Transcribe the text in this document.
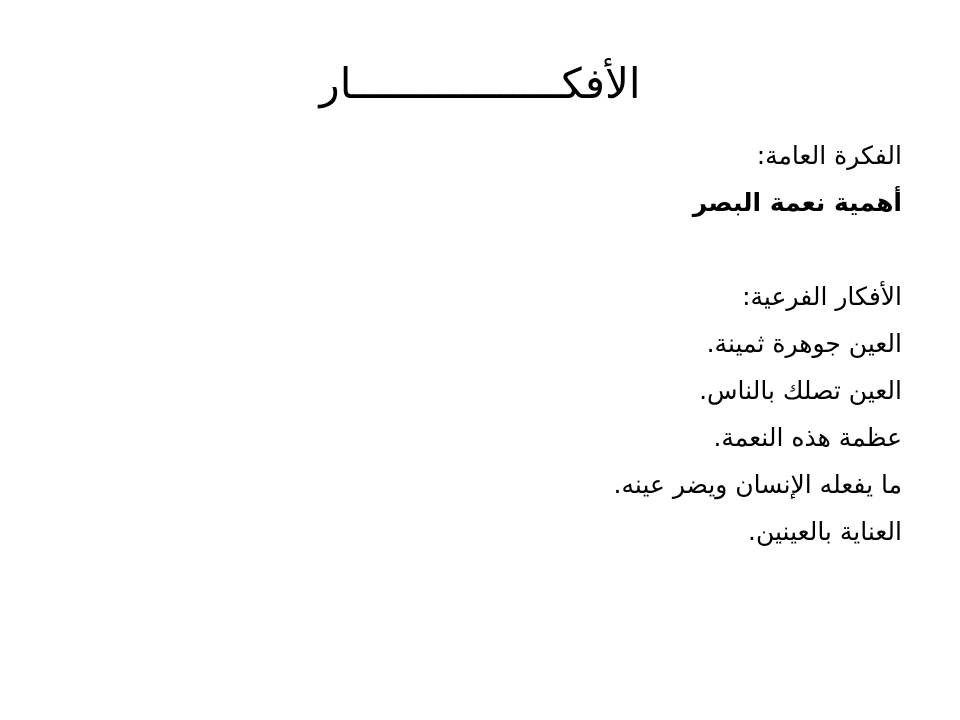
الأفكـــــــــــــــــار
الفكرة العامة:
أهمية نعمة البصر
الأفكار الفرعية:
العين جوهرة ثمينة.
العين تصلك بالناس.
عظمة هذه النعمة.
ما يفعله الإنسان ويضر عينه.
العناية بالعينين.
